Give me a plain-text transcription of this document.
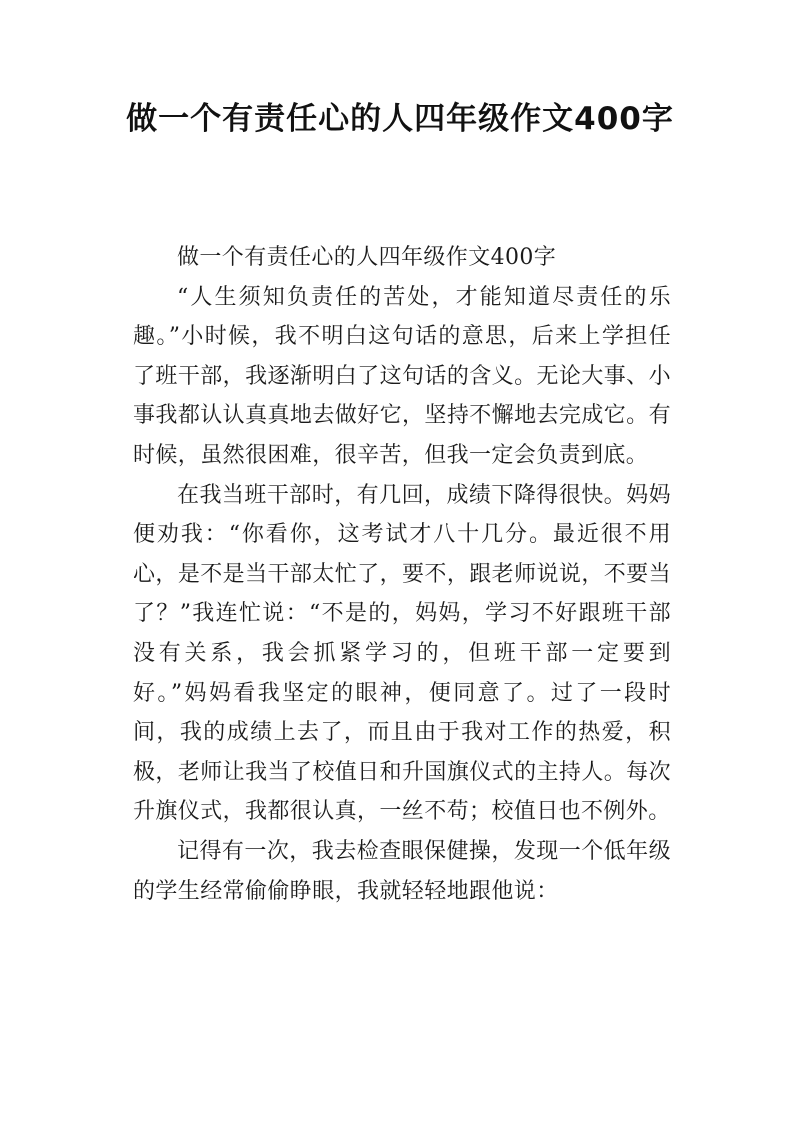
做一个有责任心的人四年级作文400字

做一个有责任心的人四年级作文400字

“人生须知负责任的苦处，才能知道尽责任的乐趣。”小时候，我不明白这句话的意思，后来上学担任了班干部，我逐渐明白了这句话的含义。无论大事、小事我都认认真真地去做好它，坚持不懈地去完成它。有时候，虽然很困难，很辛苦，但我一定会负责到底。

在我当班干部时，有几回，成绩下降得很快。妈妈便劝我：“你看你，这考试才八十几分。最近很不用心，是不是当干部太忙了，要不，跟老师说说，不要当了？”我连忙说：“不是的，妈妈，学习不好跟班干部没有关系，我会抓紧学习的，但班干部一定要到好。”妈妈看我坚定的眼神，便同意了。过了一段时间，我的成绩上去了，而且由于我对工作的热爱，积极，老师让我当了校值日和升国旗仪式的主持人。每次升旗仪式，我都很认真，一丝不苟；校值日也不例外。

记得有一次，我去检查眼保健操，发现一个低年级的学生经常偷偷睁眼，我就轻轻地跟他说：
